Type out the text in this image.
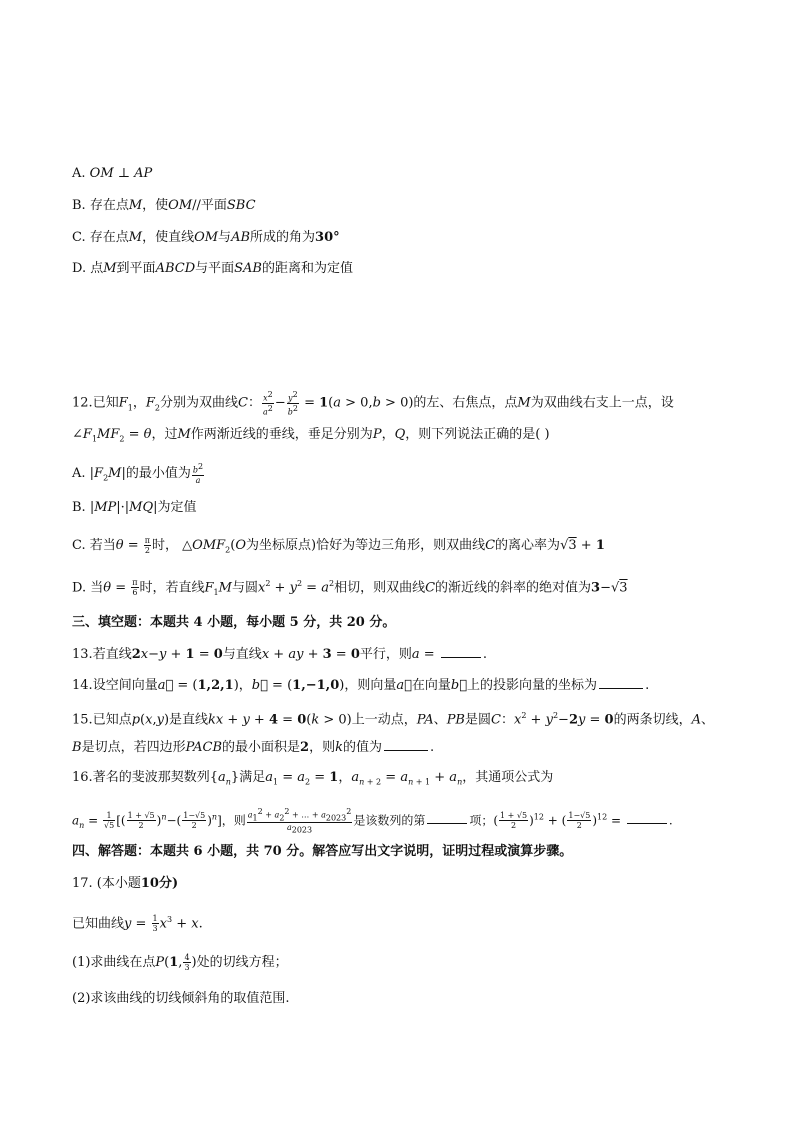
A. OM ⊥ AP
B. 存在点M，使OM//平面SBC
C. 存在点M，使直线OM与AB所成的角为30°
D. 点M到平面ABCD与平面SAB的距离和为定值
12.已知$F_1$，$F_2$分别为双曲线C： $\frac{x^2}{a^2} - \frac{y^2}{b^2} = 1(a > 0,b > 0)$的左、右焦点，点M为双曲线右支上一点，设
$\angle F_1MF_2 = \theta$，过M作两渐近线的垂线，垂足分别为P，Q，则下列说法正确的是( )
A. $|F_2M|$的最小值为 $\frac{b^2}{a}$
B. |MP|·|MQ|为定值
C. 若当$\theta = \frac{\pi}{2}$ 时， $\triangle OMF_2(O$为坐标原点)恰好为等边三角形，则双曲线C的离心率为√3 + 1
D. 当$\theta = \frac{\pi}{6}$ 时，若直线$F_1M$与圆$x^2 + y^2 = a^2$相切，则双曲线C的渐近线的斜率的绝对值为3−√3
三、填空题：本题共 4 小题，每小题 5 分，共 20 分。
13.若直线2x−y + 1 = 0与直线x + ay + 3 = 0平行，则a =	.
14.设空间向量a⃗ = (1,2,1)，b⃗ = (1,−1,0)，则向量a⃗在向量b⃗上的投影向量的坐标为	.
15.已知点p(x,y)是直线kx + y + 4 = 0(k > 0)上一动点，PA、PB是圆C：$x^2 + y^2-2y = 0$的两条切线，A、
B是切点，若四边形PACB的最小面积是2，则k的值为	.
16.著名的斐波那契数列$\{a_n\}$满足$a_1 = a_2 = 1$，$a_{n + 2} = a_{n + 1} + a_n$，其通项公式为
$a_n = \frac{1}{√5}$ [( $\frac{1 + √5}{2} )^n-( \frac{1-√5}{2} )^n$]，则 $\frac{a_1^2 + a_2^2 + \dots + a_{2023}^2}{a_{2023}}$ 是该数列的第	项；( $\frac{1 + √5}{2} )^{12}$ + ( $\frac{1-√5}{2} )^{12}$ =	.
四、解答题：本题共 6 小题，共 70 分。解答应写出文字说明，证明过程或演算步骤。
17. (本小题10分)
已知曲线$y = \frac{1}{3} x^3 + x$.
(1)求曲线在点P(1, $\frac{4}{3}$ )处的切线方程；
(2)求该曲线的切线倾斜角的取值范围.
